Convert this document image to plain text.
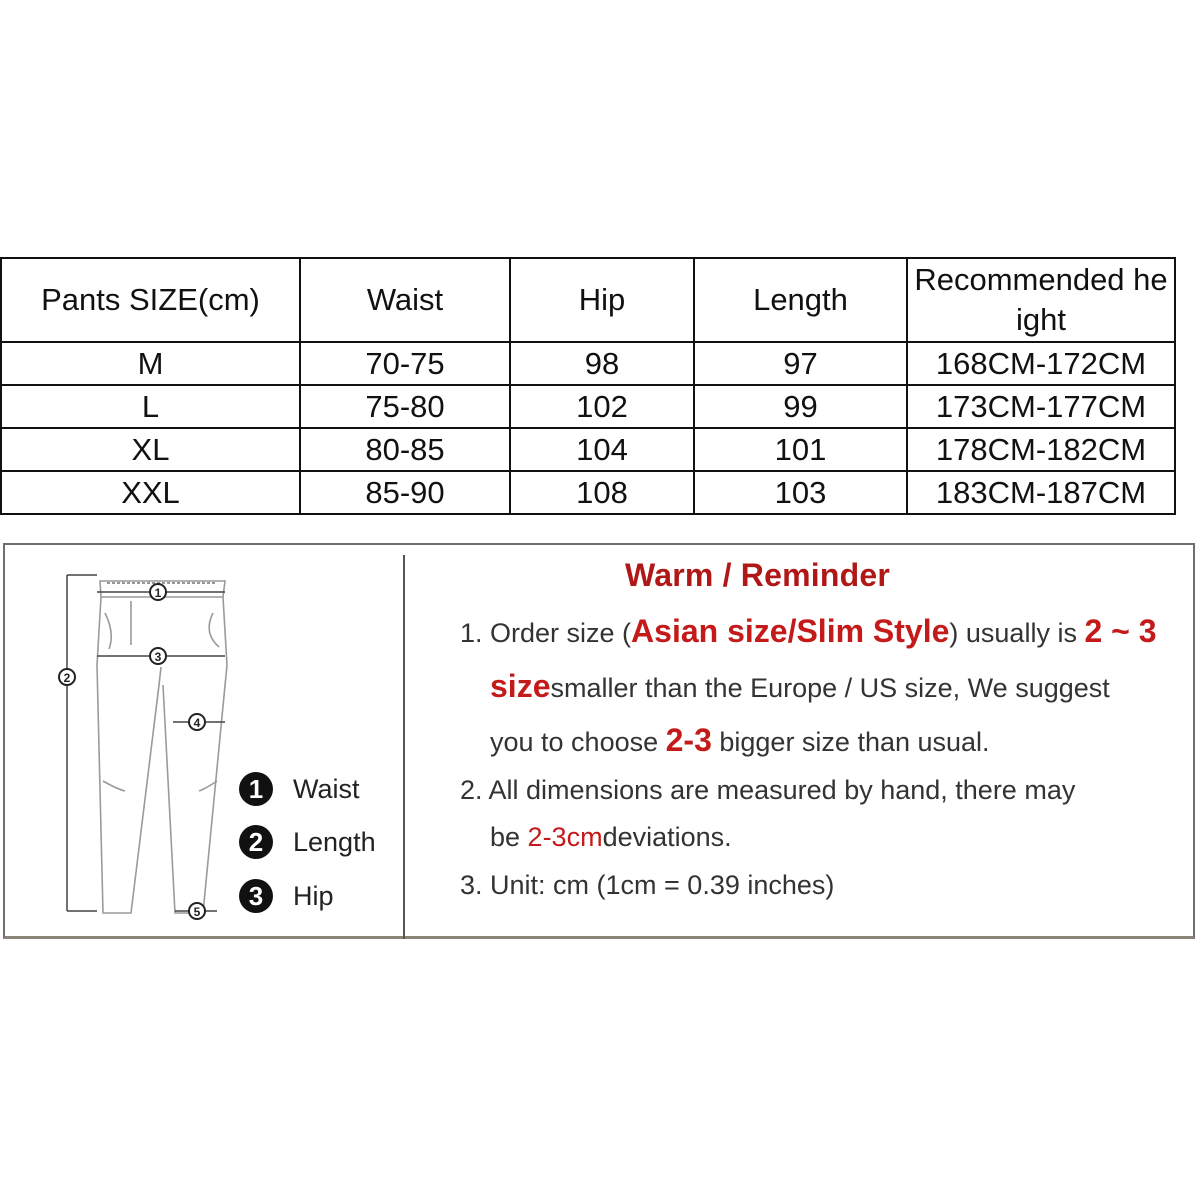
Pants SIZE(cm)	Waist	Hip	Length	Recommended he
ight

M	70-75	98	97	168CM-172CM
L	75-80	102	99	173CM-177CM
XL	80-85	104	101	178CM-182CM
XXL	85-90	108	103	183CM-187CM
1
3
2
4
5
1	Waist
2	Length
3	Hip
Warm / Reminder
1. Order size (Asian size/Slim Style) usually is 2 ~ 3
sizesmaller than the Europe / US size, We suggest
you to choose 2-3 bigger size than usual.
2. All dimensions are measured by hand, there may
be 2-3cmdeviations.
3. Unit: cm (1cm = 0.39 inches)
